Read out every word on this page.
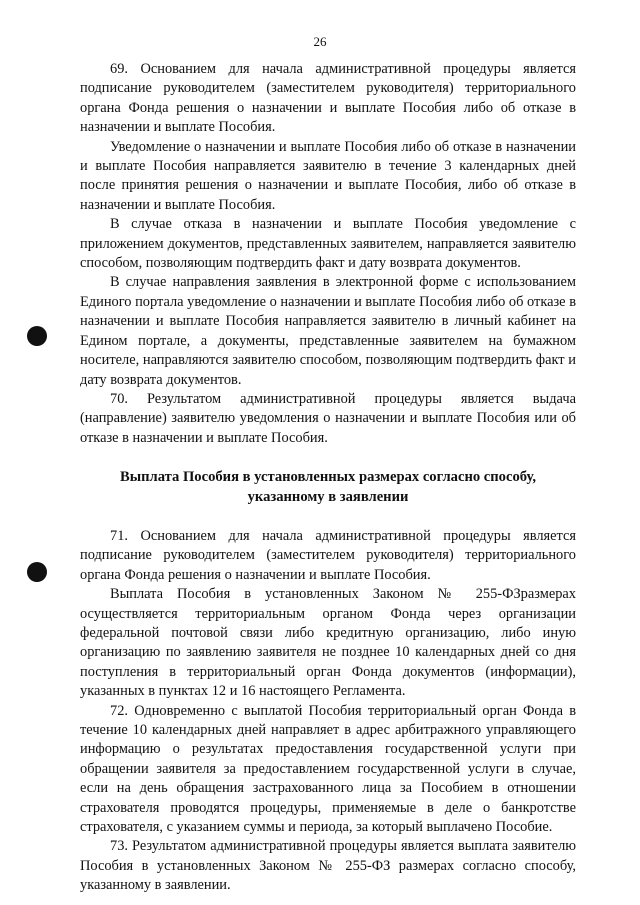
26

69. Основанием для начала административной процедуры является подписание руководителем (заместителем руководителя) территориального органа Фонда решения о назначении и выплате Пособия либо об отказе в назначении и выплате Пособия.

Уведомление о назначении и выплате Пособия либо об отказе в назначении и выплате Пособия направляется заявителю в течение 3 календарных дней после принятия решения о назначении и выплате Пособия, либо об отказе в назначении и выплате Пособия.

В случае отказа в назначении и выплате Пособия уведомление с приложением документов, представленных заявителем, направляется заявителю способом, позволяющим подтвердить факт и дату возврата документов.

В случае направления заявления в электронной форме с использованием Единого портала уведомление о назначении и выплате Пособия либо об отказе в назначении и выплате Пособия направляется заявителю в личный кабинет на Едином портале, а документы, представленные заявителем на бумажном носителе, направляются заявителю способом, позволяющим подтвердить факт и дату возврата документов.

70. Результатом административной процедуры является выдача (направление) заявителю уведомления о назначении и выплате Пособия или об отказе в назначении и выплате Пособия.

Выплата Пособия в установленных размерах согласно способу,
указанному в заявлении

71. Основанием для начала административной процедуры является подписание руководителем (заместителем руководителя) территориального органа Фонда решения о назначении и выплате Пособия.

Выплата Пособия в установленных Законом № 255-ФЗразмерах осуществляется территориальным органом Фонда через организации федеральной почтовой связи либо кредитную организацию, либо иную организацию по заявлению заявителя не позднее 10 календарных дней со дня поступления в территориальный орган Фонда документов (информации), указанных в пунктах 12 и 16 настоящего Регламента.

72. Одновременно с выплатой Пособия территориальный орган Фонда в течение 10 календарных дней направляет в адрес арбитражного управляющего информацию о результатах предоставления государственной услуги при обращении заявителя за предоставлением государственной услуги в случае, если на день обращения застрахованного лица за Пособием в отношении страхователя проводятся процедуры, применяемые в деле о банкротстве страхователя, с указанием суммы и периода, за который выплачено Пособие.

73. Результатом административной процедуры является выплата заявителю Пособия в установленных Законом № 255-ФЗ размерах согласно способу, указанному в заявлении.
